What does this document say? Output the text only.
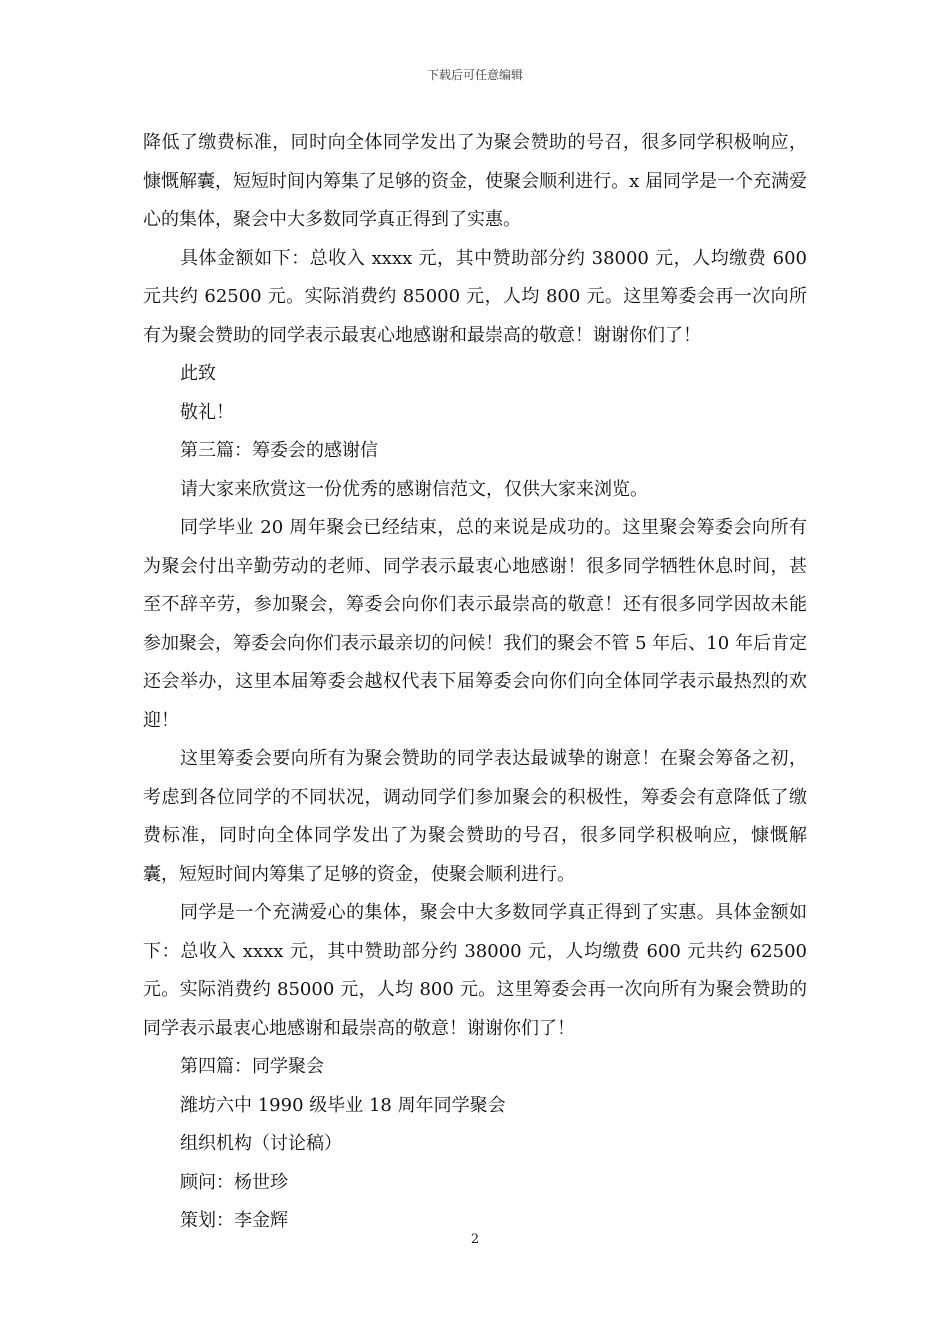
下载后可任意编辑

降低了缴费标准，同时向全体同学发出了为聚会赞助的号召，很多同学积极响应，慷慨解囊，短短时间内筹集了足够的资金，使聚会顺利进行。x 届同学是一个充满爱心的集体，聚会中大多数同学真正得到了实惠。

具体金额如下：总收入 xxxx 元，其中赞助部分约 38000 元，人均缴费 600 元共约 62500 元。实际消费约 85000 元，人均 800 元。这里筹委会再一次向所有为聚会赞助的同学表示最衷心地感谢和最崇高的敬意！谢谢你们了！

此致

敬礼！

第三篇：筹委会的感谢信

请大家来欣赏这一份优秀的感谢信范文，仅供大家来浏览。

同学毕业 20 周年聚会已经结束，总的来说是成功的。这里聚会筹委会向所有为聚会付出辛勤劳动的老师、同学表示最衷心地感谢！很多同学牺牲休息时间，甚至不辞辛劳，参加聚会，筹委会向你们表示最崇高的敬意！还有很多同学因故未能参加聚会，筹委会向你们表示最亲切的问候！我们的聚会不管 5 年后、10 年后肯定还会举办，这里本届筹委会越权代表下届筹委会向你们向全体同学表示最热烈的欢迎！

这里筹委会要向所有为聚会赞助的同学表达最诚挚的谢意！在聚会筹备之初，考虑到各位同学的不同状况，调动同学们参加聚会的积极性，筹委会有意降低了缴费标准，同时向全体同学发出了为聚会赞助的号召，很多同学积极响应，慷慨解囊，短短时间内筹集了足够的资金，使聚会顺利进行。

同学是一个充满爱心的集体，聚会中大多数同学真正得到了实惠。具体金额如下：总收入 xxxx 元，其中赞助部分约 38000 元，人均缴费 600 元共约 62500 元。实际消费约 85000 元，人均 800 元。这里筹委会再一次向所有为聚会赞助的同学表示最衷心地感谢和最崇高的敬意！谢谢你们了！

第四篇：同学聚会

潍坊六中 1990 级毕业 18 周年同学聚会

组织机构（讨论稿）

顾问：杨世珍

策划：李金辉

2
